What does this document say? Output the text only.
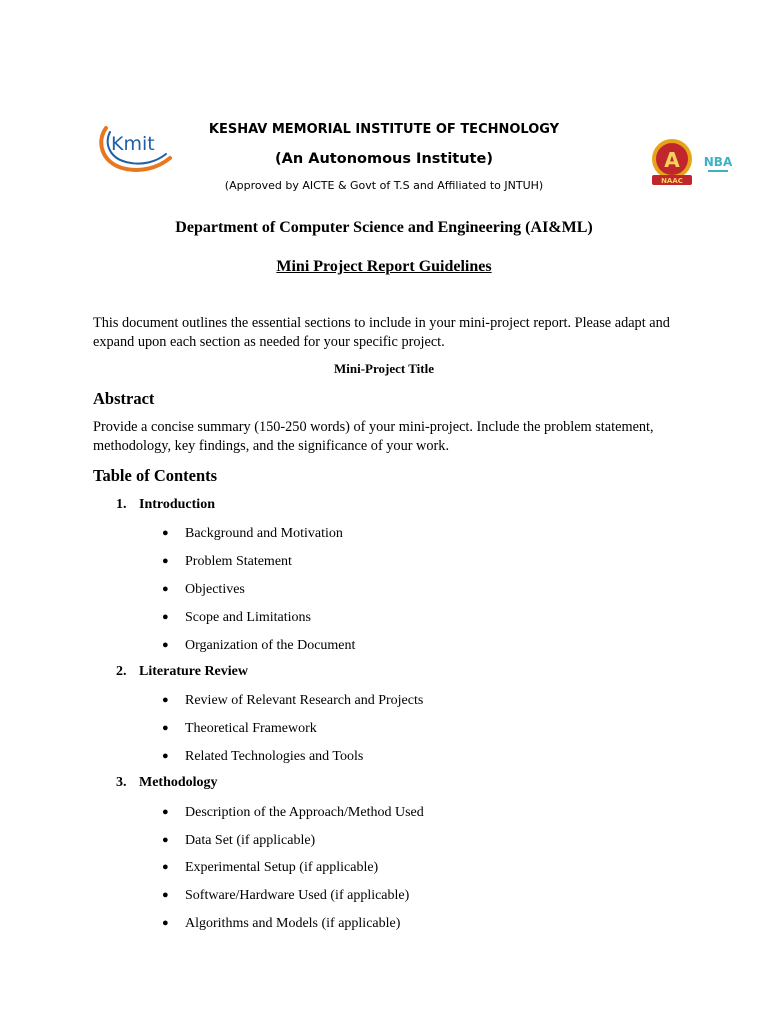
Kmit
KESHAV MEMORIAL INSTITUTE OF TECHNOLOGY
(An Autonomous Institute)
(Approved by AICTE & Govt of T.S and Affiliated to JNTUH)
A
NAAC
NBA
Department of Computer Science and Engineering (AI&ML)
Mini Project Report Guidelines
This document outlines the essential sections to include in your mini-project report. Please adapt and expand upon each section as needed for your specific project.
Mini-Project Title
Abstract
Provide a concise summary (150-250 words) of your mini-project. Include the problem statement, methodology, key findings, and the significance of your work.
Table of Contents
1. Introduction
● Background and Motivation
● Problem Statement
● Objectives
● Scope and Limitations
● Organization of the Document
2. Literature Review
● Review of Relevant Research and Projects
● Theoretical Framework
● Related Technologies and Tools
3. Methodology
● Description of the Approach/Method Used
● Data Set (if applicable)
● Experimental Setup (if applicable)
● Software/Hardware Used (if applicable)
● Algorithms and Models (if applicable)
